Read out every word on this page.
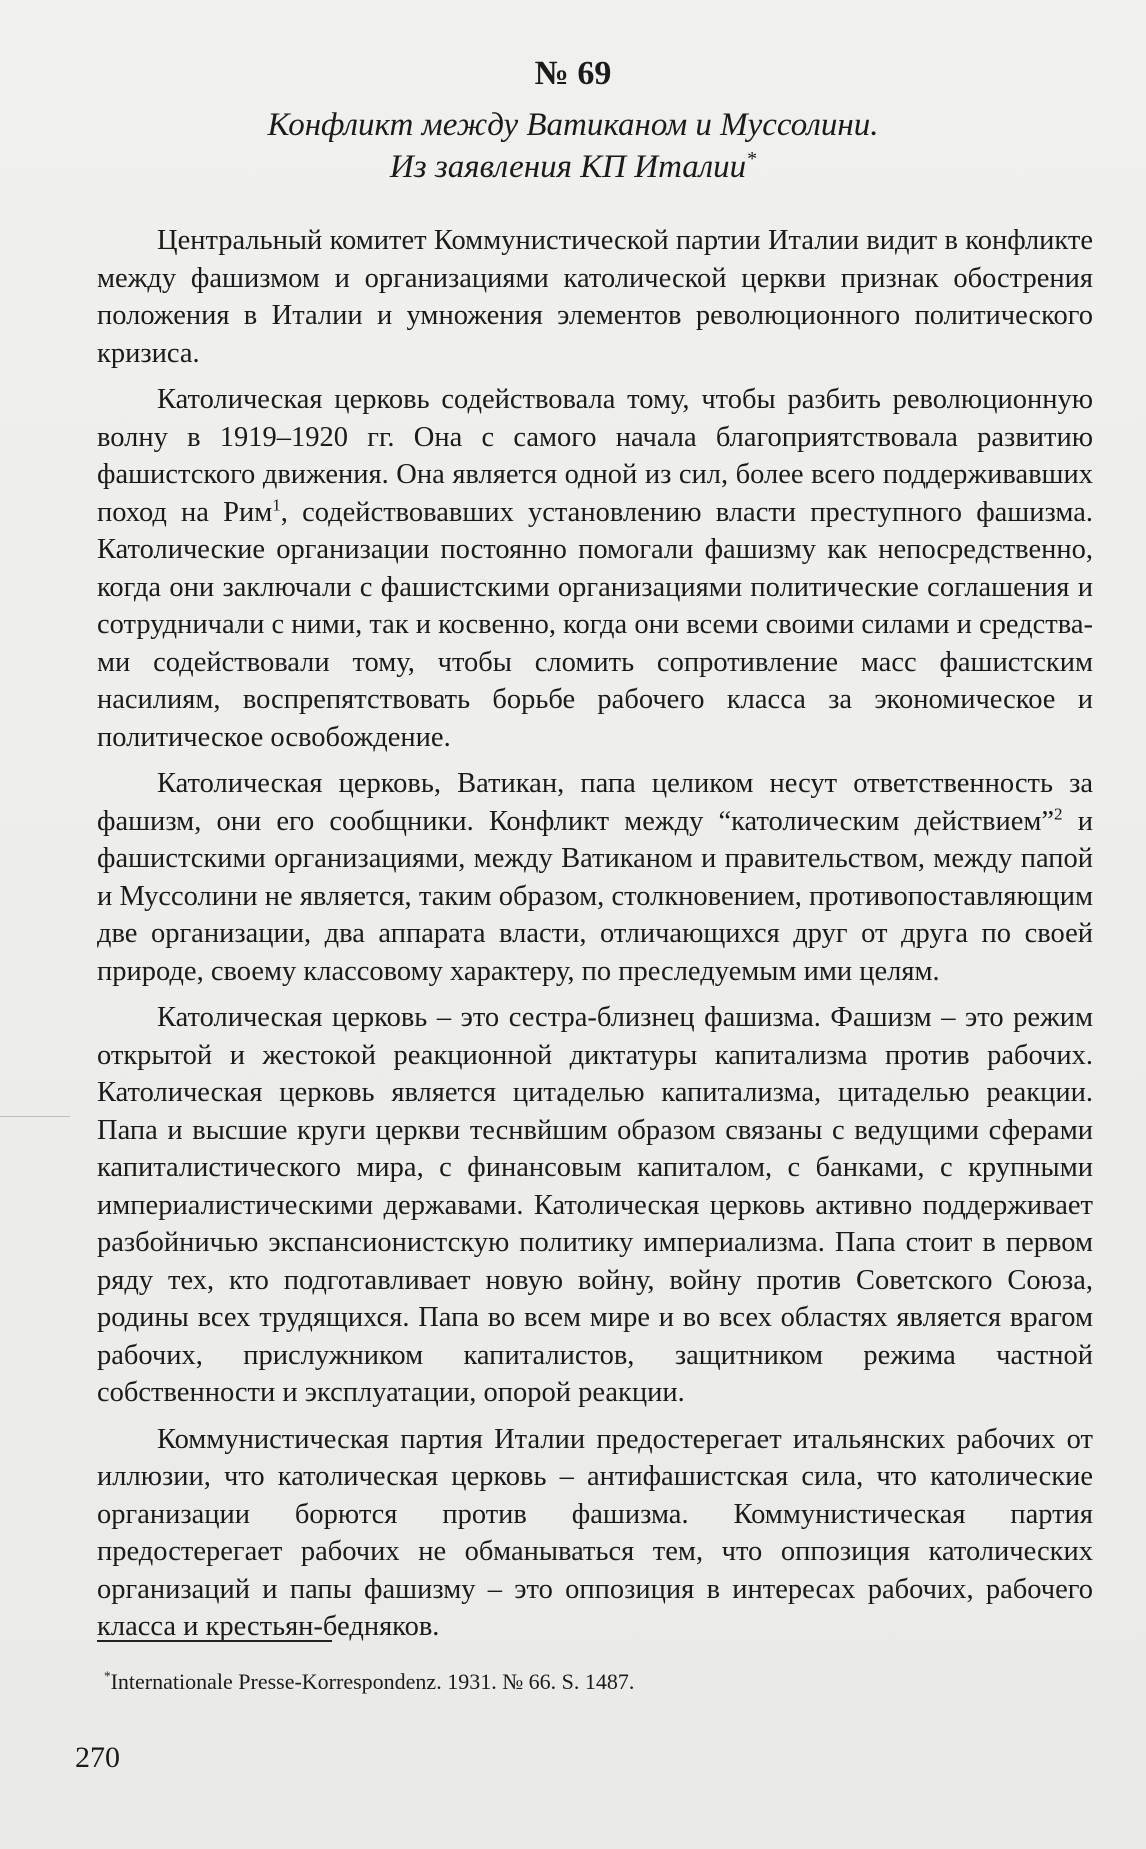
№ 69
Конфликт между Ватиканом и Муссолини.
Из заявления КП Италии*

Центральный комитет Коммунистической партии Италии видит в конфликте между фашизмом и организациями католической церкви признак обострения положения в Италии и умножения элементов революционного политического кризиса.

Католическая церковь содействовала тому, чтобы разбить революционную волну в 1919–1920 гг. Она с самого начала благоприятствовала развитию фашистского движения. Она является одной из сил, более всего поддерживавших поход на Рим$^1$, содействовавших установлению власти преступного фашизма. Католические организации постоянно помогали фашизму как непосредственно, когда они заключали с фашистскими организациями политические соглашения и сотрудничали с ними, так и косвенно, когда они всеми своими силами и средствами содействовали тому, чтобы сломить сопротивление масс фашистским насилиям, воспрепятствовать борьбе рабочего класса за экономическое и политическое освобождение.

Католическая церковь, Ватикан, папа целиком несут ответственность за фашизм, они его сообщники. Конфликт между “католическим действием”$^2$ и фашистскими организациями, между Ватиканом и правительством, между папой и Муссолини не является, таким образом, столкновением, противопоставляющим две организации, два аппарата власти, отличающихся друг от друга по своей природе, своему классовому характеру, по преследуемым ими целям.

Католическая церковь – это сестра-близнец фашизма. Фашизм – это режим открытой и жестокой реакционной диктатуры капитализма против рабочих. Католическая церковь является цитаделью капитализма, цитаделью реакции. Папа и высшие круги церкви теснвйшим образом связаны с ведущими сферами капиталистического мира, с финансовым капиталом, с банками, с крупными империалистическими державами. Католическая церковь активно поддерживает разбойничью экспансионистскую политику империализма. Папа стоит в первом ряду тех, кто подготавливает новую войну, войну против Советского Союза, родины всех трудящихся. Папа во всем мире и во всех областях является врагом рабочих, прислужником капиталистов, защитником режима частной собственности и эксплуатации, опорой реакции.

Коммунистическая партия Италии предостерегает итальянских рабочих от иллюзии, что католическая церковь – антифашистская сила, что католические организации борются против фашизма. Коммунистическая партия предостерегает рабочих не обманываться тем, что оппозиция католических организаций и папы фашизму – это оппозиция в интересах рабочих, рабочего класса и крестьян-бедняков.

*Internationale Presse-Korrespondenz. 1931. № 66. S. 1487.
270
